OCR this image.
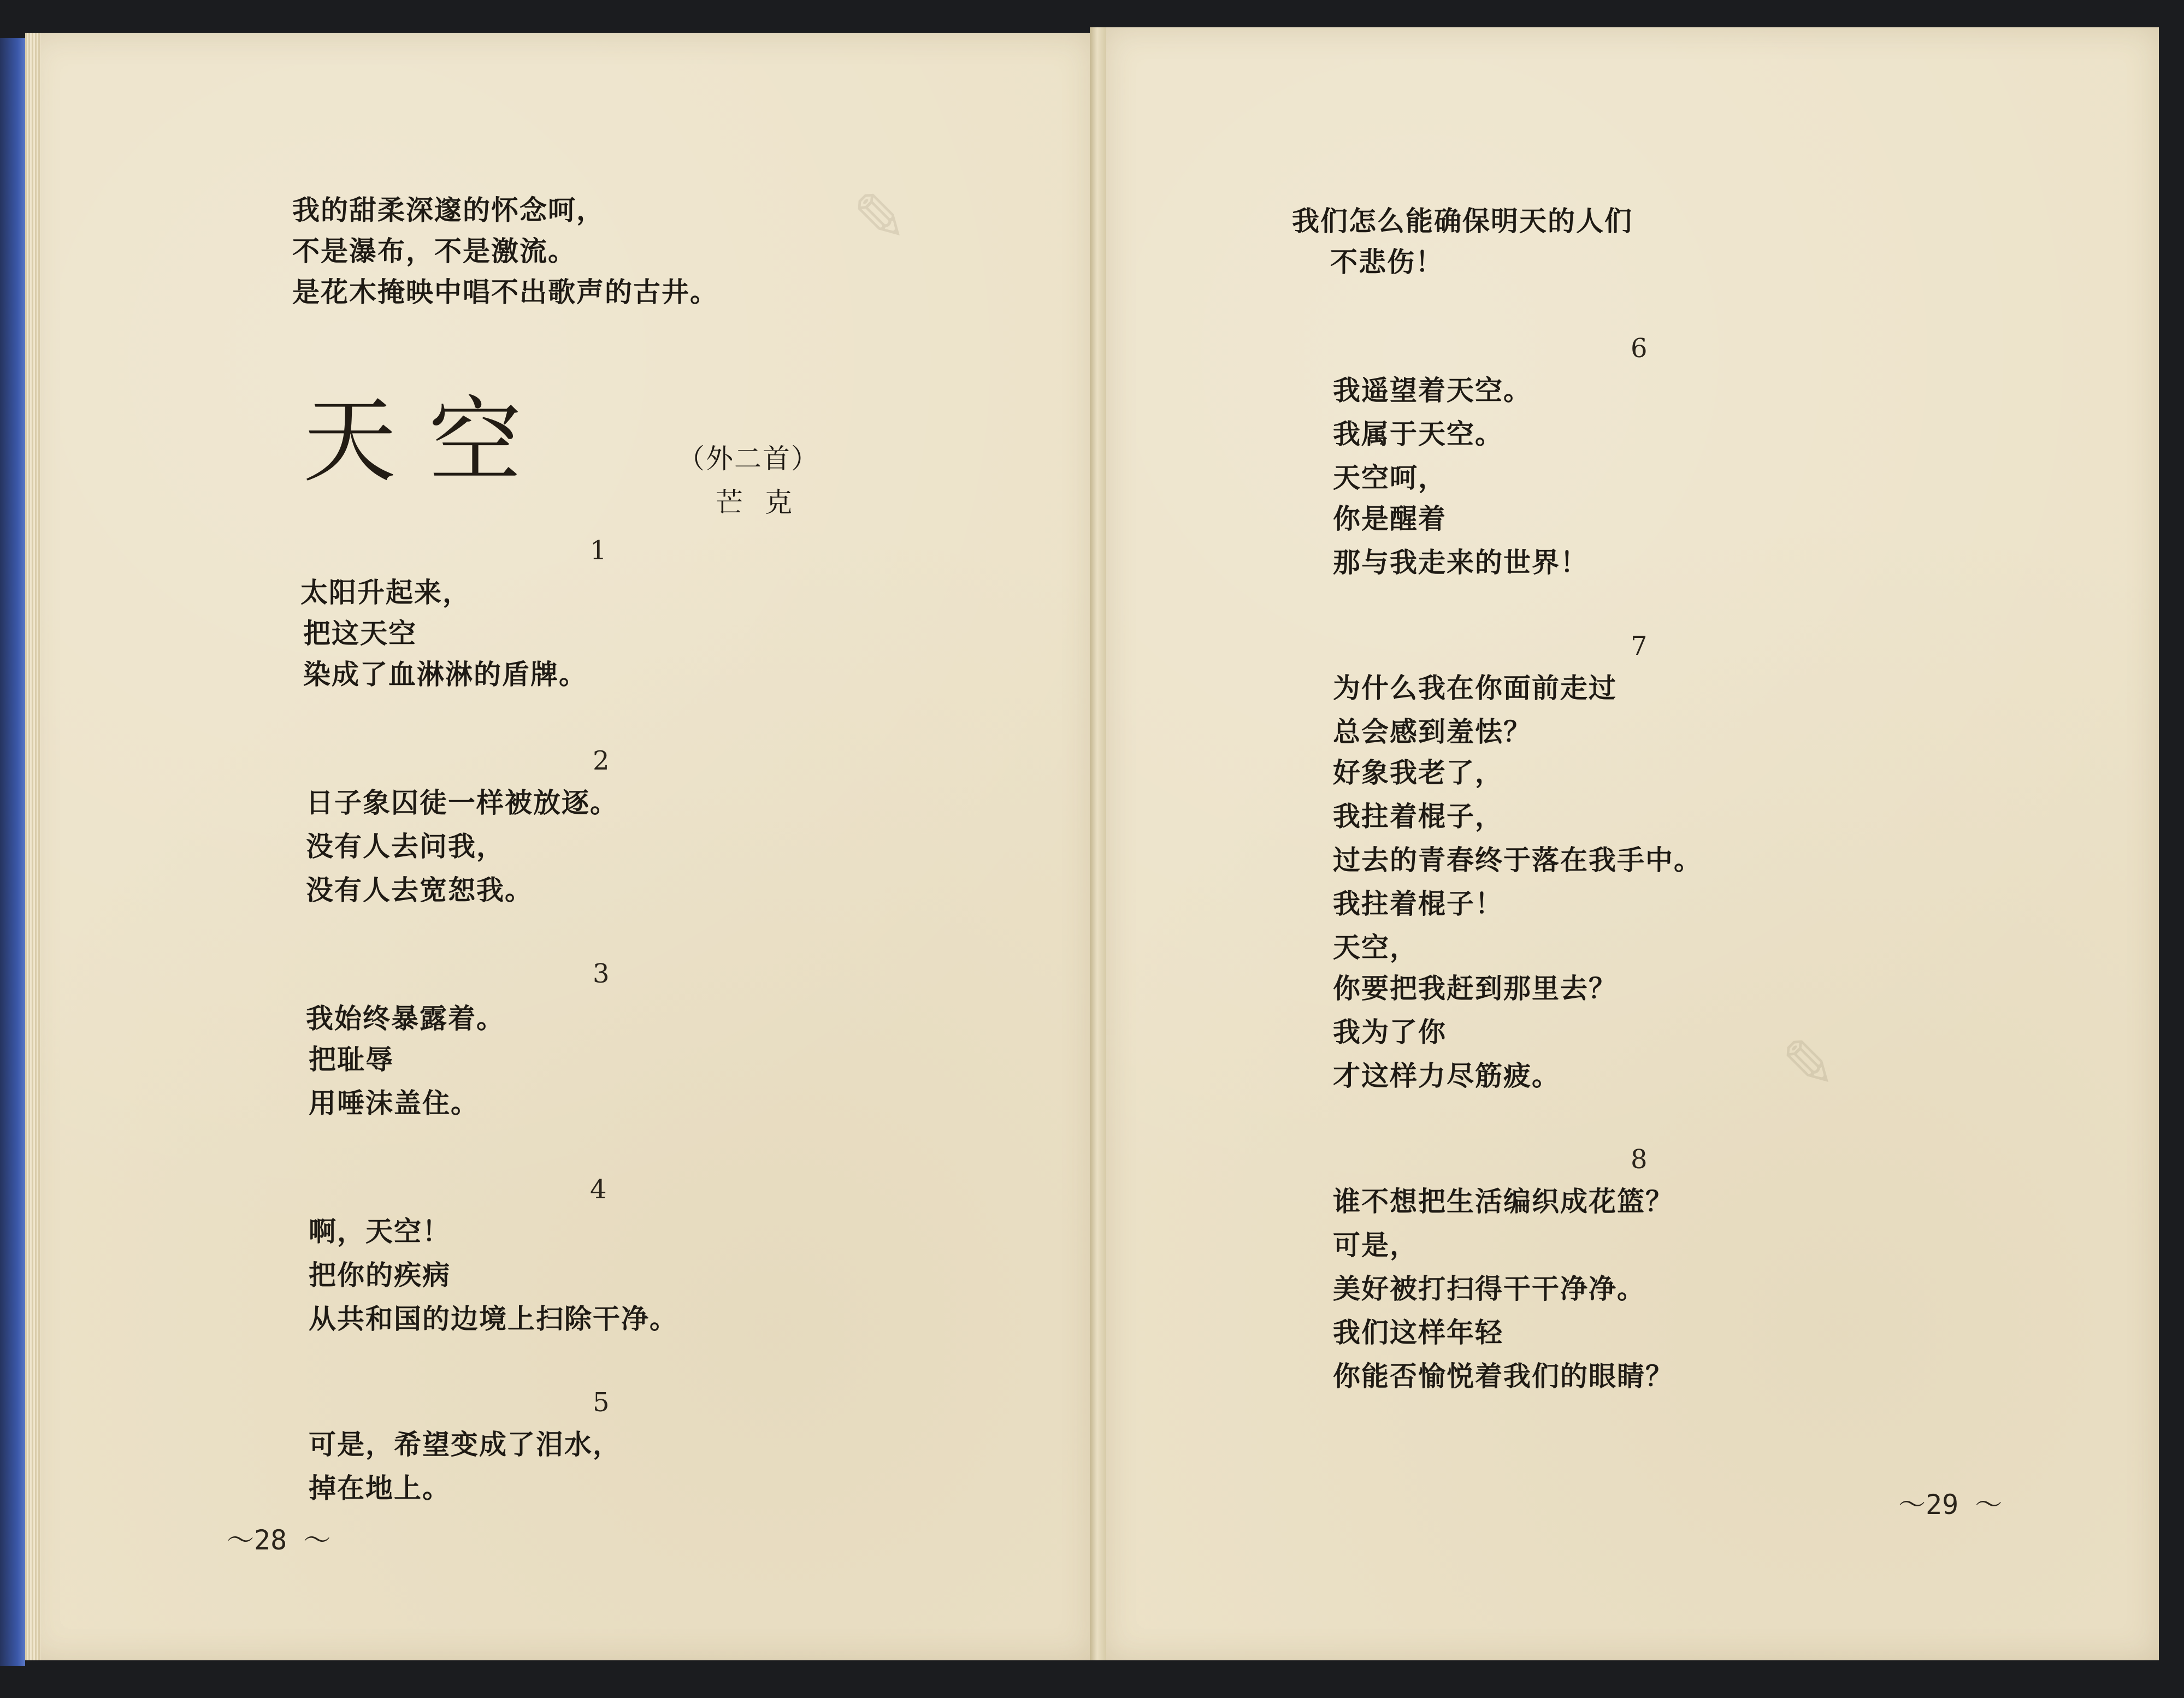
✎
✎
我的甜柔深邃的怀念呵，
不是瀑布，不是激流。
是花木掩映中唱不出歌声的古井。
天空	（外二首）
芒克
1
太阳升起来，
把这天空
染成了血淋淋的盾牌。
2
日子象囚徒一样被放逐。
没有人去问我，
没有人去宽恕我。
3
我始终暴露着。
把耻辱
用唾沫盖住。
4
啊，天空！
把你的疾病
从共和国的边境上扫除干净。
5
可是，希望变成了泪水，
掉在地上。
～28 ～
我们怎么能确保明天的人们
不悲伤！
6
我遥望着天空。
我属于天空。
天空呵，
你是醒着
那与我走来的世界！
7
为什么我在你面前走过
总会感到羞怯？
好象我老了，
我拄着棍子，
过去的青春终于落在我手中。
我拄着棍子！
天空，
你要把我赶到那里去？
我为了你
才这样力尽筋疲。
8
谁不想把生活编织成花篮？
可是，
美好被打扫得干干净净。
我们这样年轻
你能否愉悦着我们的眼睛？
～29 ～
